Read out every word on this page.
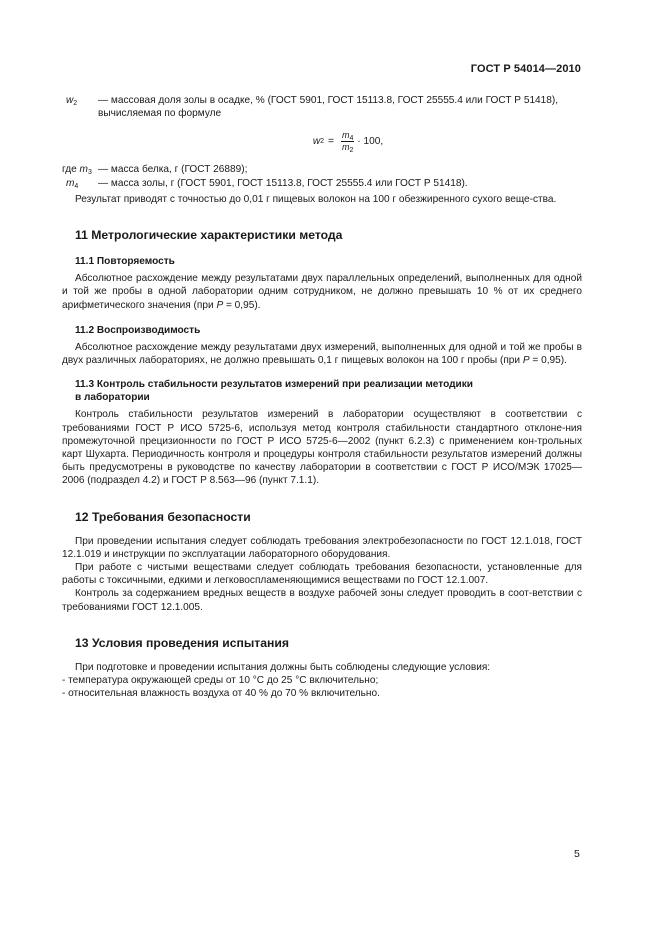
ГОСТ Р 54014—2010
$w_2$	— массовая доля золы в осадке, % (ГОСТ 5901, ГОСТ 15113.8, ГОСТ 25555.4 или ГОСТ Р 51418),
вычисляемая по формуле
w $2 = \frac{m_4}{m_2} \cdot 100$,
где $m_3$ — масса белка, г (ГОСТ 26889);
$m_4$	— масса золы, г (ГОСТ 5901, ГОСТ 15113.8, ГОСТ 25555.4 или ГОСТ Р 51418).

Результат приводят с точностью до 0,01 г пищевых волокон на 100 г обезжиренного сухого веще-ства.

11 Метрологические характеристики метода
11.1 Повторяемость

Абсолютное расхождение между результатами двух параллельных определений, выполненных для одной и той же пробы в одной лаборатории одним сотрудником, не должно превышать 10 % от их среднего арифметического значения (при P = 0,95).

11.2 Воспроизводимость

Абсолютное расхождение между результатами двух измерений, выполненных для одной и той же пробы в двух различных лабораториях, не должно превышать 0,1 г пищевых волокон на 100 г пробы (при P = 0,95).

11.3 Контроль стабильности результатов измерений при реализации методики
в лаборатории

Контроль стабильности результатов измерений в лаборатории осуществляют в соответствии с требованиями ГОСТ Р ИСО 5725-6, используя метод контроля стабильности стандартного отклоне-ния промежуточной прецизионности по ГОСТ Р ИСО 5725-6—2002 (пункт 6.2.3) с применением кон-трольных карт Шухарта. Периодичность контроля и процедуры контроля стабильности результатов измерений должны быть предусмотрены в руководстве по качеству лаборатории в соответствии с ГОСТ Р ИСО/МЭК 17025—2006 (подраздел 4.2) и ГОСТ Р 8.563—96 (пункт 7.1.1).

12 Требования безопасности

При проведении испытания следует соблюдать требования электробезопасности по ГОСТ 12.1.018, ГОСТ 12.1.019 и инструкции по эксплуатации лабораторного оборудования.

При работе с чистыми веществами следует соблюдать требования безопасности, установленные для работы с токсичными, едкими и легковоспламеняющимися веществами по ГОСТ 12.1.007.

Контроль за содержанием вредных веществ в воздухе рабочей зоны следует проводить в соот-ветствии с требованиями ГОСТ 12.1.005.

13 Условия проведения испытания

При подготовке и проведении испытания должны быть соблюдены следующие условия:

- температура окружающей среды от 10 °С до 25 °С включительно;

- относительная влажность воздуха от 40 % до 70 % включительно.

5
